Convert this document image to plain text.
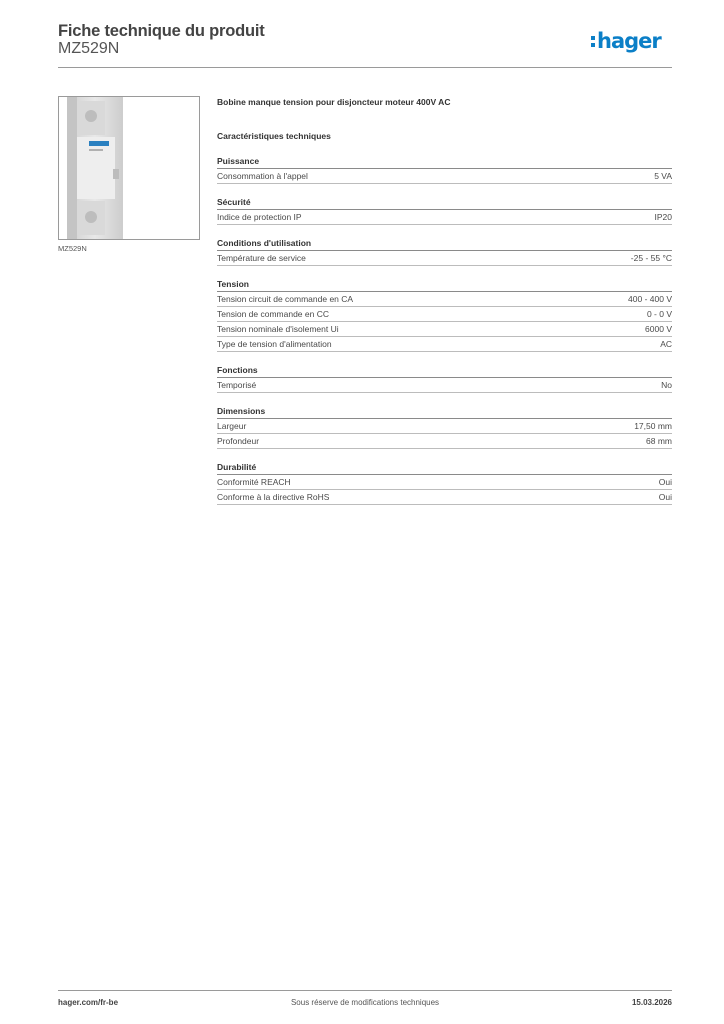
Fiche technique du produit
MZ529N	hager
MZ529N
Bobine manque tension pour disjoncteur moteur 400V AC
Caractéristiques techniques
Puissance
Consommation à l'appel	5 VA
Sécurité
Indice de protection IP	IP20
Conditions d'utilisation
Température de service	-25 - 55 °C
Tension
Tension circuit de commande en CA	400 - 400 V
Tension de commande en CC	0 - 0 V
Tension nominale d'isolement Ui	6000 V
Type de tension d'alimentation	AC
Fonctions
Temporisé	No
Dimensions
Largeur	17,50 mm
Profondeur	68 mm
Durabilité
Conformité REACH	Oui
Conforme à la directive RoHS	Oui
hager.com/fr-be	Sous réserve de modifications techniques	15.03.2026
